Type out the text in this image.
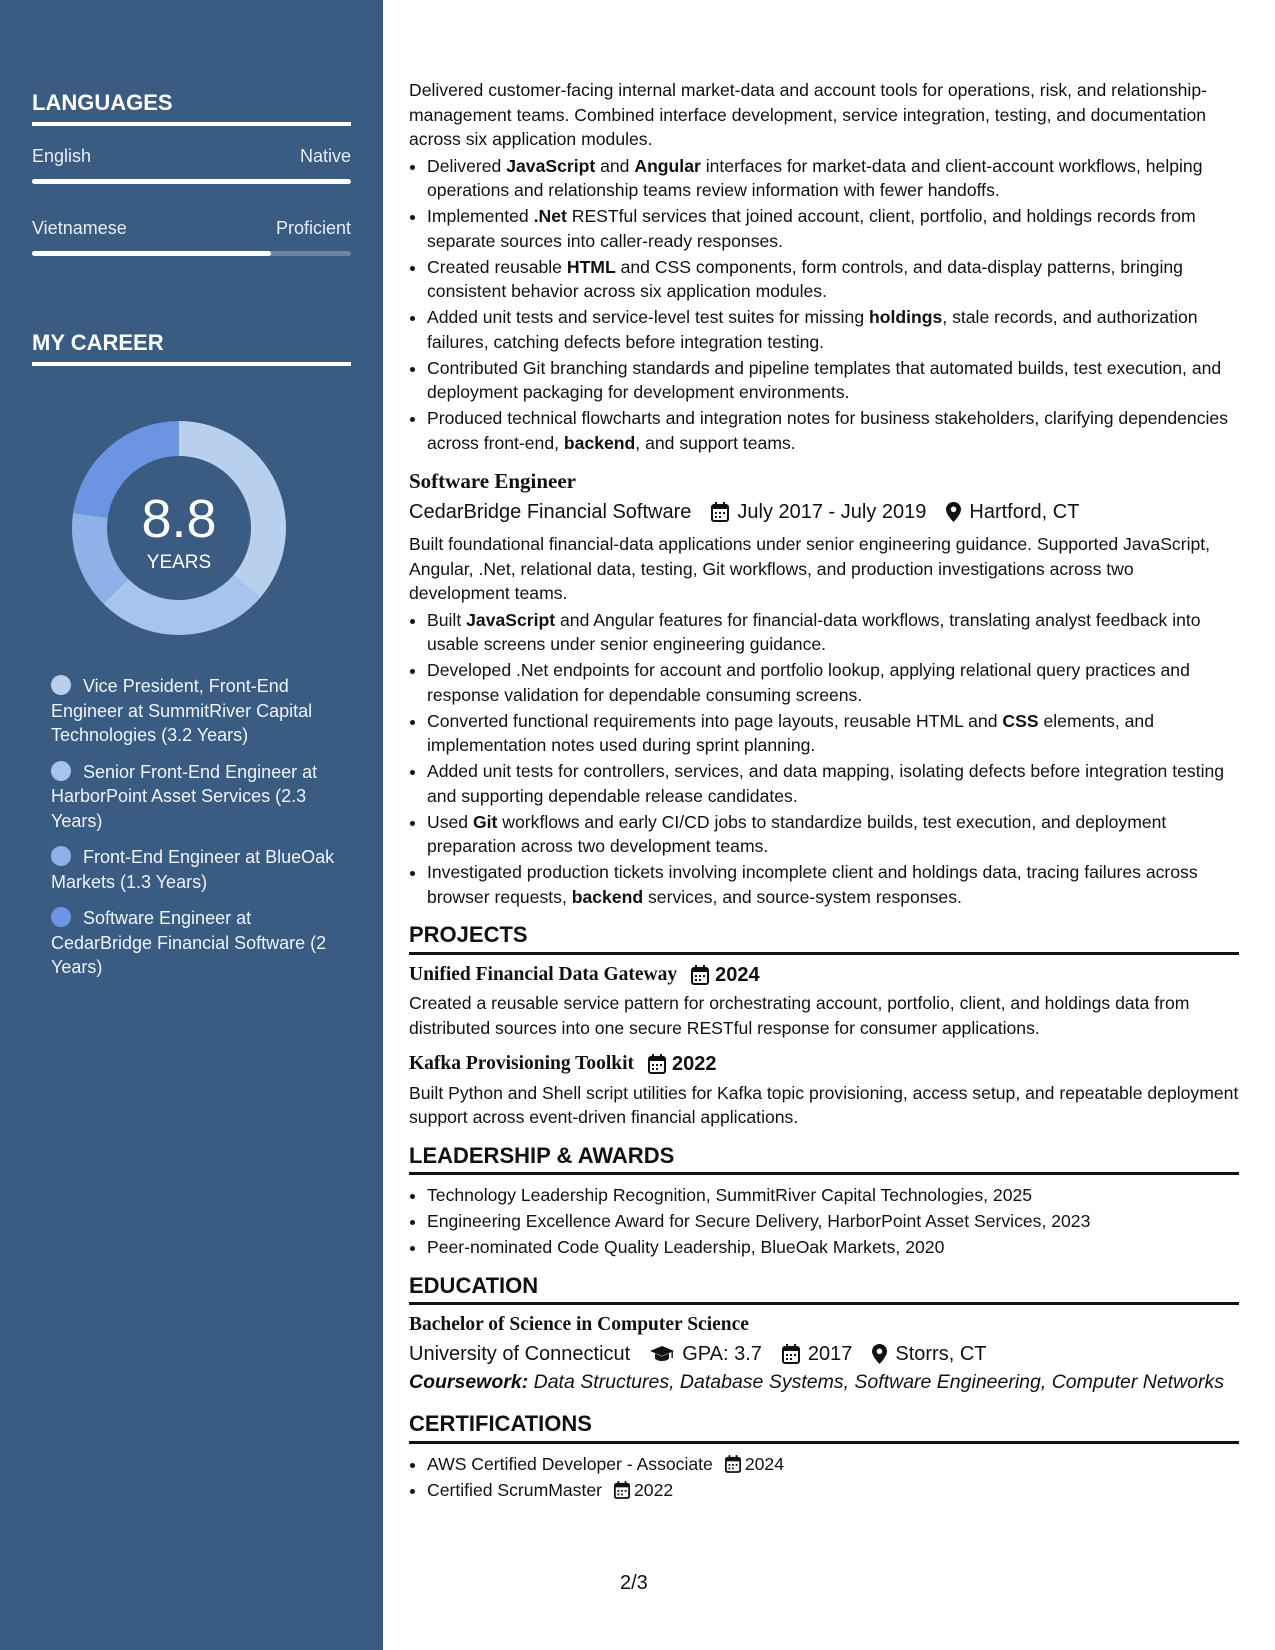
LANGUAGES
English	Native
Vietnamese	Proficient
MY CAREER
8.8
YEARS
Vice President, Front-End Engineer at SummitRiver Capital Technologies (3.2 Years)
Senior Front-End Engineer at HarborPoint Asset Services (2.3 Years)
Front-End Engineer at BlueOak Markets (1.3 Years)
Software Engineer at CedarBridge Financial Software (2 Years)

Delivered customer-facing internal market-data and account tools for operations, risk, and relationship-management teams. Combined interface development, service integration, testing, and documentation across six application modules.

• Delivered JavaScript and Angular interfaces for market-data and client-account workflows, helping operations and relationship teams review information with fewer handoffs.
• Implemented .Net RESTful services that joined account, client, portfolio, and holdings records from separate sources into caller-ready responses.
• Created reusable HTML and CSS components, form controls, and data-display patterns, bringing consistent behavior across six application modules.
• Added unit tests and service-level test suites for missing holdings, stale records, and authorization failures, catching defects before integration testing.
• Contributed Git branching standards and pipeline templates that automated builds, test execution, and deployment packaging for development environments.
• Produced technical flowcharts and integration notes for business stakeholders, clarifying dependencies across front-end, backend, and support teams.
Software Engineer
CedarBridge Financial Software July 2017 - July 2019 Hartford, CT

Built foundational financial-data applications under senior engineering guidance. Supported JavaScript, Angular, .Net, relational data, testing, Git workflows, and production investigations across two development teams.

• Built JavaScript and Angular features for financial-data workflows, translating analyst feedback into usable screens under senior engineering guidance.
• Developed .Net endpoints for account and portfolio lookup, applying relational query practices and response validation for dependable consuming screens.
• Converted functional requirements into page layouts, reusable HTML and CSS elements, and implementation notes used during sprint planning.
• Added unit tests for controllers, services, and data mapping, isolating defects before integration testing and supporting dependable release candidates.
• Used Git workflows and early CI/CD jobs to standardize builds, test execution, and deployment preparation across two development teams.
• Investigated production tickets involving incomplete client and holdings data, tracing failures across browser requests, backend services, and source-system responses.
PROJECTS
Unified Financial Data Gateway 2024

Created a reusable service pattern for orchestrating account, portfolio, client, and holdings data from distributed sources into one secure RESTful response for consumer applications.

Kafka Provisioning Toolkit 2022

Built Python and Shell script utilities for Kafka topic provisioning, access setup, and repeatable deployment support across event-driven financial applications.

LEADERSHIP & AWARDS
• Technology Leadership Recognition, SummitRiver Capital Technologies, 2025
• Engineering Excellence Award for Secure Delivery, HarborPoint Asset Services, 2023
• Peer-nominated Code Quality Leadership, BlueOak Markets, 2020
EDUCATION
Bachelor of Science in Computer Science
University of Connecticut	GPA: 3.7 2017 Storrs, CT
Coursework: Data Structures, Database Systems, Software Engineering, Computer Networks
CERTIFICATIONS
• AWS Certified Developer - Associate 2024
• Certified ScrumMaster 2022
2/3
